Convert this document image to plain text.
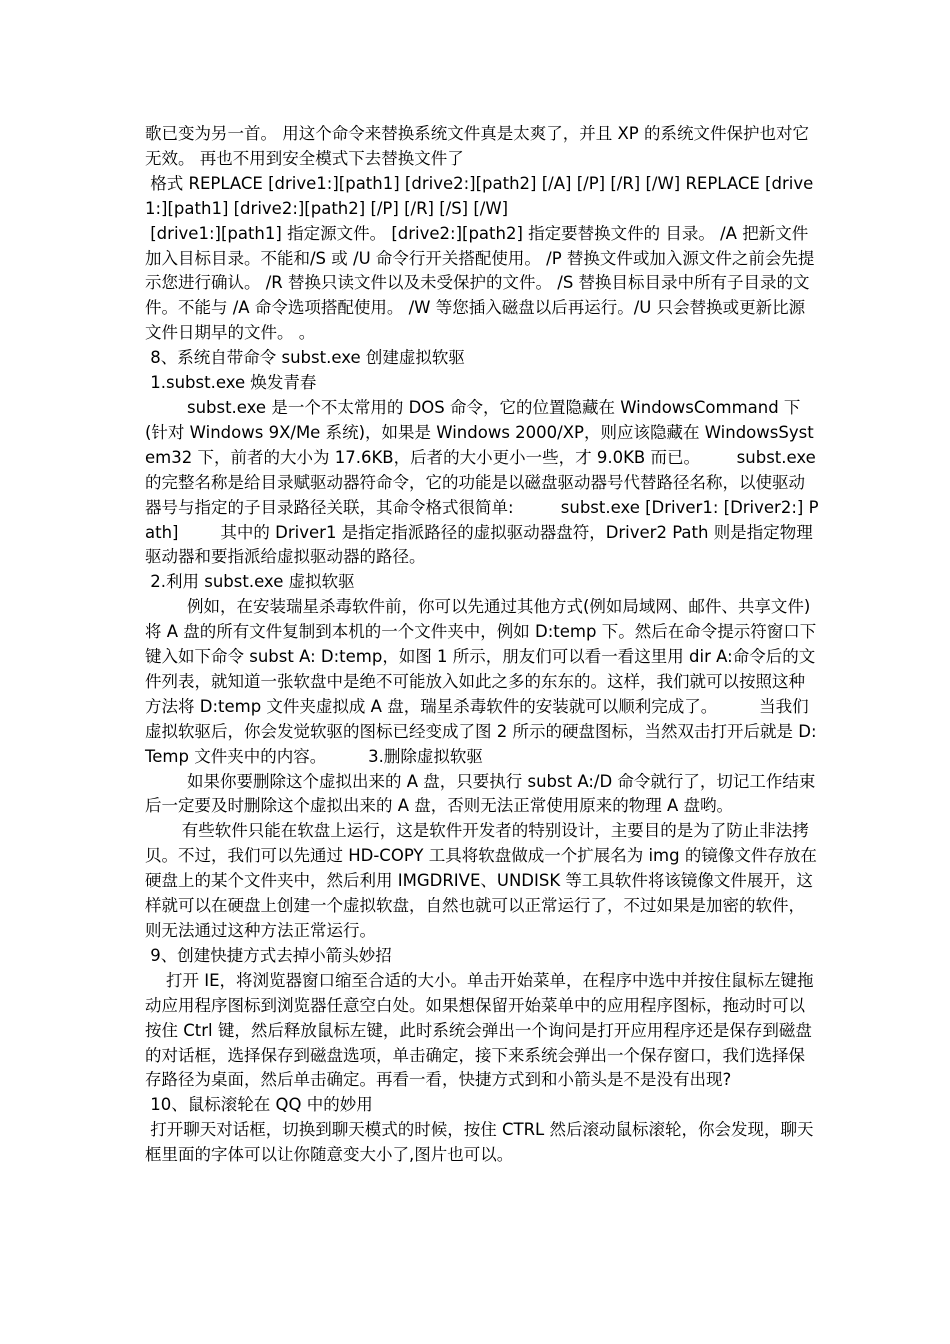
歌已变为另一首。 用这个命令来替换系统文件真是太爽了，并且 XP 的系统文件保护也对它无效。 再也不用到安全模式下去替换文件了

格式 REPLACE [drive1:][path1] [drive2:][path2] [/A] [/P] [/R] [/W] REPLACE [drive1:][path1] [drive2:][path2] [/P] [/R] [/S] [/W]

[drive1:][path1] 指定源文件。 [drive2:][path2] 指定要替换文件的 目录。 /A 把新文件加入目标目录。不能和/S 或 /U 命令行开关搭配使用。 /P 替换文件或加入源文件之前会先提示您进行确认。 /R 替换只读文件以及未受保护的文件。 /S 替换目标目录中所有子目录的文件。不能与 /A 命令选项搭配使用。 /W 等您插入磁盘以后再运行。/U 只会替换或更新比源文件日期早的文件。 。

8、系统自带命令 subst.exe 创建虚拟软驱

1.subst.exe 焕发青春

subst.exe 是一个不太常用的 DOS 命令，它的位置隐藏在 WindowsCommand 下(针对 Windows 9X/Me 系统)，如果是 Windows 2000/XP，则应该隐藏在 WindowsSystem32 下，前者的大小为 17.6KB，后者的大小更小一些，才 9.0KB 而已。       subst.exe 的完整名称是给目录赋驱动器符命令，它的功能是以磁盘驱动器号代替路径名称，以使驱动器号与指定的子目录路径关联，其命令格式很简单:         subst.exe [Driver1: [Driver2:] Path]        其中的 Driver1 是指定指派路径的虚拟驱动器盘符，Driver2 Path 则是指定物理驱动器和要指派给虚拟驱动器的路径。

2.利用 subst.exe 虚拟软驱

例如，在安装瑞星杀毒软件前，你可以先通过其他方式(例如局域网、邮件、共享文件)将 A 盘的所有文件复制到本机的一个文件夹中，例如 D:temp 下。然后在命令提示符窗口下键入如下命令 subst A: D:temp，如图 1 所示，朋友们可以看一看这里用 dir A:命令后的文件列表，就知道一张软盘中是绝不可能放入如此之多的东东的。这样，我们就可以按照这种方法将 D:temp 文件夹虚拟成 A 盘，瑞星杀毒软件的安装就可以顺利完成了。        当我们虚拟软驱后，你会发觉软驱的图标已经变成了图 2 所示的硬盘图标，当然双击打开后就是 D:Temp 文件夹中的内容。        3.删除虚拟软驱

如果你要删除这个虚拟出来的 A 盘，只要执行 subst A:/D 命令就行了，切记工作结束后一定要及时删除这个虚拟出来的 A 盘，否则无法正常使用原来的物理 A 盘哟。

有些软件只能在软盘上运行，这是软件开发者的特别设计，主要目的是为了防止非法拷贝。不过，我们可以先通过 HD-COPY 工具将软盘做成一个扩展名为 img 的镜像文件存放在硬盘上的某个文件夹中，然后利用 IMGDRIVE、UNDISK 等工具软件将该镜像文件展开，这样就可以在硬盘上创建一个虚拟软盘，自然也就可以正常运行了，不过如果是加密的软件，则无法通过这种方法正常运行。

9、创建快捷方式去掉小箭头妙招

打开 IE，将浏览器窗口缩至合适的大小。单击开始菜单，在程序中选中并按住鼠标左键拖动应用程序图标到浏览器任意空白处。如果想保留开始菜单中的应用程序图标，拖动时可以按住 Ctrl 键，然后释放鼠标左键，此时系统会弹出一个询问是打开应用程序还是保存到磁盘的对话框，选择保存到磁盘选项，单击确定，接下来系统会弹出一个保存窗口，我们选择保存路径为桌面，然后单击确定。再看一看，快捷方式到和小箭头是不是没有出现?

10、鼠标滚轮在 QQ 中的妙用

打开聊天对话框，切换到聊天模式的时候，按住 CTRL 然后滚动鼠标滚轮，你会发现，聊天框里面的字体可以让你随意变大小了,图片也可以。
